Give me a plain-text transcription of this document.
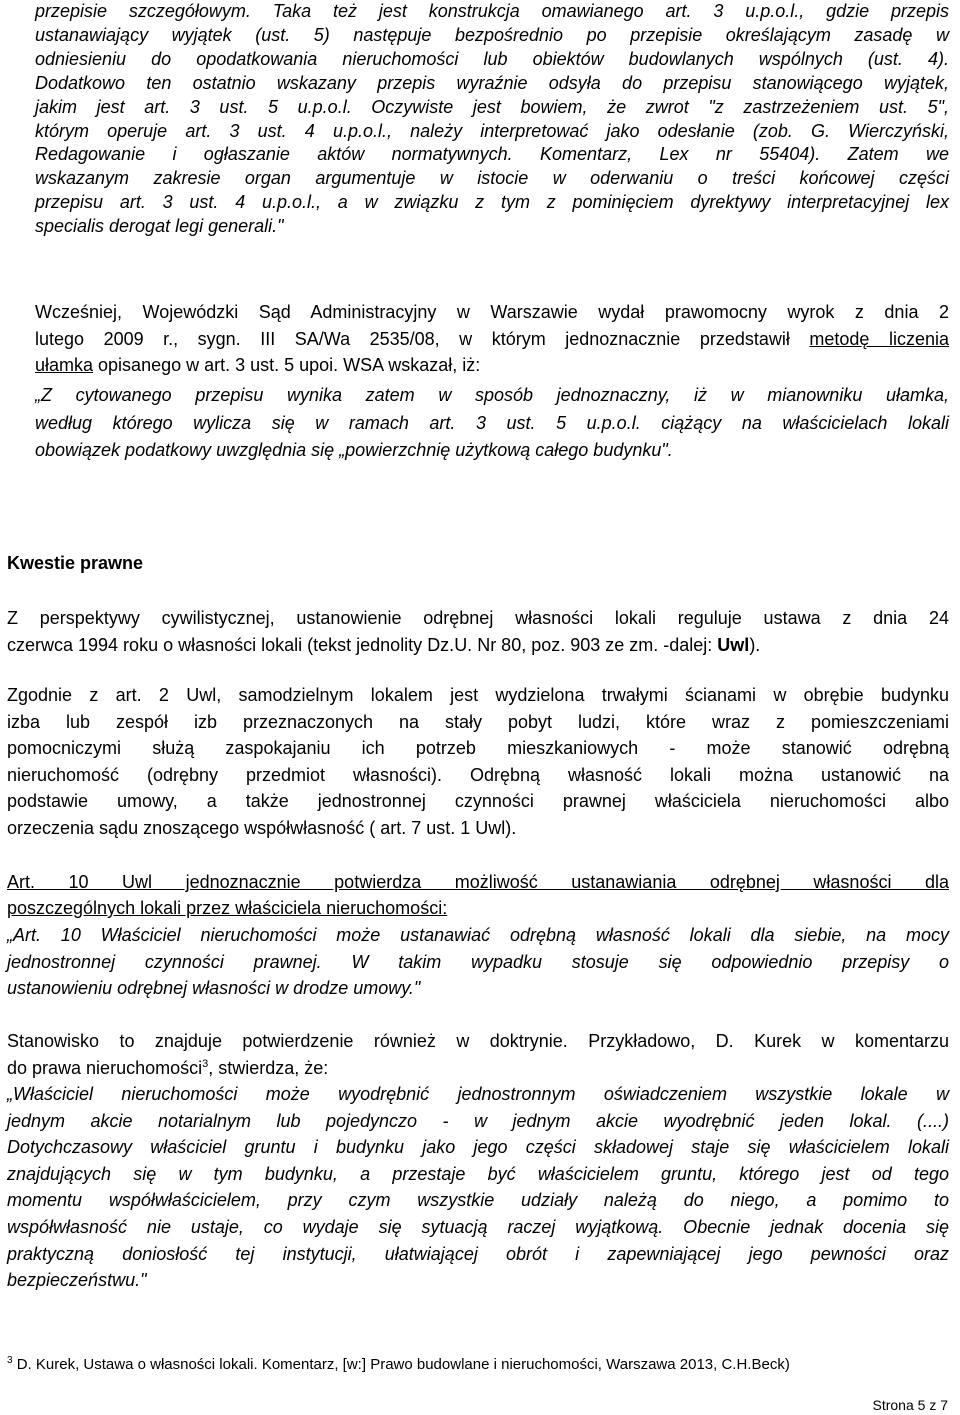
przepisie szczegółowym. Taka też jest konstrukcja omawianego art. 3 u.p.o.l., gdzie przepis
ustanawiający wyjątek (ust. 5) następuje bezpośrednio po przepisie określającym zasadę w
odniesieniu do opodatkowania nieruchomości lub obiektów budowlanych wspólnych (ust. 4).
Dodatkowo ten ostatnio wskazany przepis wyraźnie odsyła do przepisu stanowiącego wyjątek,
jakim jest art. 3 ust. 5 u.p.o.l. Oczywiste jest bowiem, że zwrot "z zastrzeżeniem ust. 5",
którym operuje art. 3 ust. 4 u.p.o.l., należy interpretować jako odesłanie (zob. G. Wierczyński,
Redagowanie i ogłaszanie aktów normatywnych. Komentarz, Lex nr 55404). Zatem we
wskazanym zakresie organ argumentuje w istocie w oderwaniu o treści końcowej części
przepisu art. 3 ust. 4 u.p.o.l., a w związku z tym z pominięciem dyrektywy interpretacyjnej lex
specialis derogat legi generali."
Wcześniej, Wojewódzki Sąd Administracyjny w Warszawie wydał prawomocny wyrok z dnia 2
lutego 2009 r., sygn. III SA/Wa 2535/08, w którym jednoznacznie przedstawił metodę liczenia
ułamka opisanego w art. 3 ust. 5 upoi. WSA wskazał, iż:
„Z cytowanego przepisu wynika zatem w sposób jednoznaczny, iż w mianowniku ułamka,
według którego wylicza się w ramach art. 3 ust. 5 u.p.o.l. ciążący na właścicielach lokali
obowiązek podatkowy uwzględnia się „powierzchnię użytkową całego budynku".
Kwestie prawne
Z perspektywy cywilistycznej, ustanowienie odrębnej własności lokali reguluje ustawa z dnia 24
czerwca 1994 roku o własności lokali (tekst jednolity Dz.U. Nr 80, poz. 903 ze zm. -dalej: Uwl).
Zgodnie z art. 2 Uwl, samodzielnym lokalem jest wydzielona trwałymi ścianami w obrębie budynku
izba lub zespół izb przeznaczonych na stały pobyt ludzi, które wraz z pomieszczeniami
pomocniczymi służą zaspokajaniu ich potrzeb mieszkaniowych - może stanowić odrębną
nieruchomość (odrębny przedmiot własności). Odrębną własność lokali można ustanowić na
podstawie umowy, a także jednostronnej czynności prawnej właściciela nieruchomości albo
orzeczenia sądu znoszącego współwłasność ( art. 7 ust. 1 Uwl).
Art. 10 Uwl jednoznacznie potwierdza możliwość ustanawiania odrębnej własności dla
poszczególnych lokali przez właściciela nieruchomości:
„Art. 10 Właściciel nieruchomości może ustanawiać odrębną własność lokali dla siebie, na mocy
jednostronnej czynności prawnej. W takim wypadku stosuje się odpowiednio przepisy o
ustanowieniu odrębnej własności w drodze umowy."
Stanowisko to znajduje potwierdzenie również w doktrynie. Przykładowo, D. Kurek w komentarzu
do prawa nieruchomości$^3$, stwierdza, że:
„Właściciel nieruchomości może wyodrębnić jednostronnym oświadczeniem wszystkie lokale w
jednym akcie notarialnym lub pojedynczo - w jednym akcie wyodrębnić jeden lokal. (....)
Dotychczasowy właściciel gruntu i budynku jako jego części składowej staje się właścicielem lokali
znajdujących się w tym budynku, a przestaje być właścicielem gruntu, którego jest od tego
momentu współwłaścicielem, przy czym wszystkie udziały należą do niego, a pomimo to
współwłasność nie ustaje, co wydaje się sytuacją raczej wyjątkową. Obecnie jednak docenia się
praktyczną doniosłość tej instytucji, ułatwiającej obrót i zapewniającej jego pewności oraz
bezpieczeństwu."
$^3$ D. Kurek, Ustawa o własności lokali. Komentarz, [w:] Prawo budowlane i nieruchomości, Warszawa 2013, C.H.Beck)
Strona 5 z 7
